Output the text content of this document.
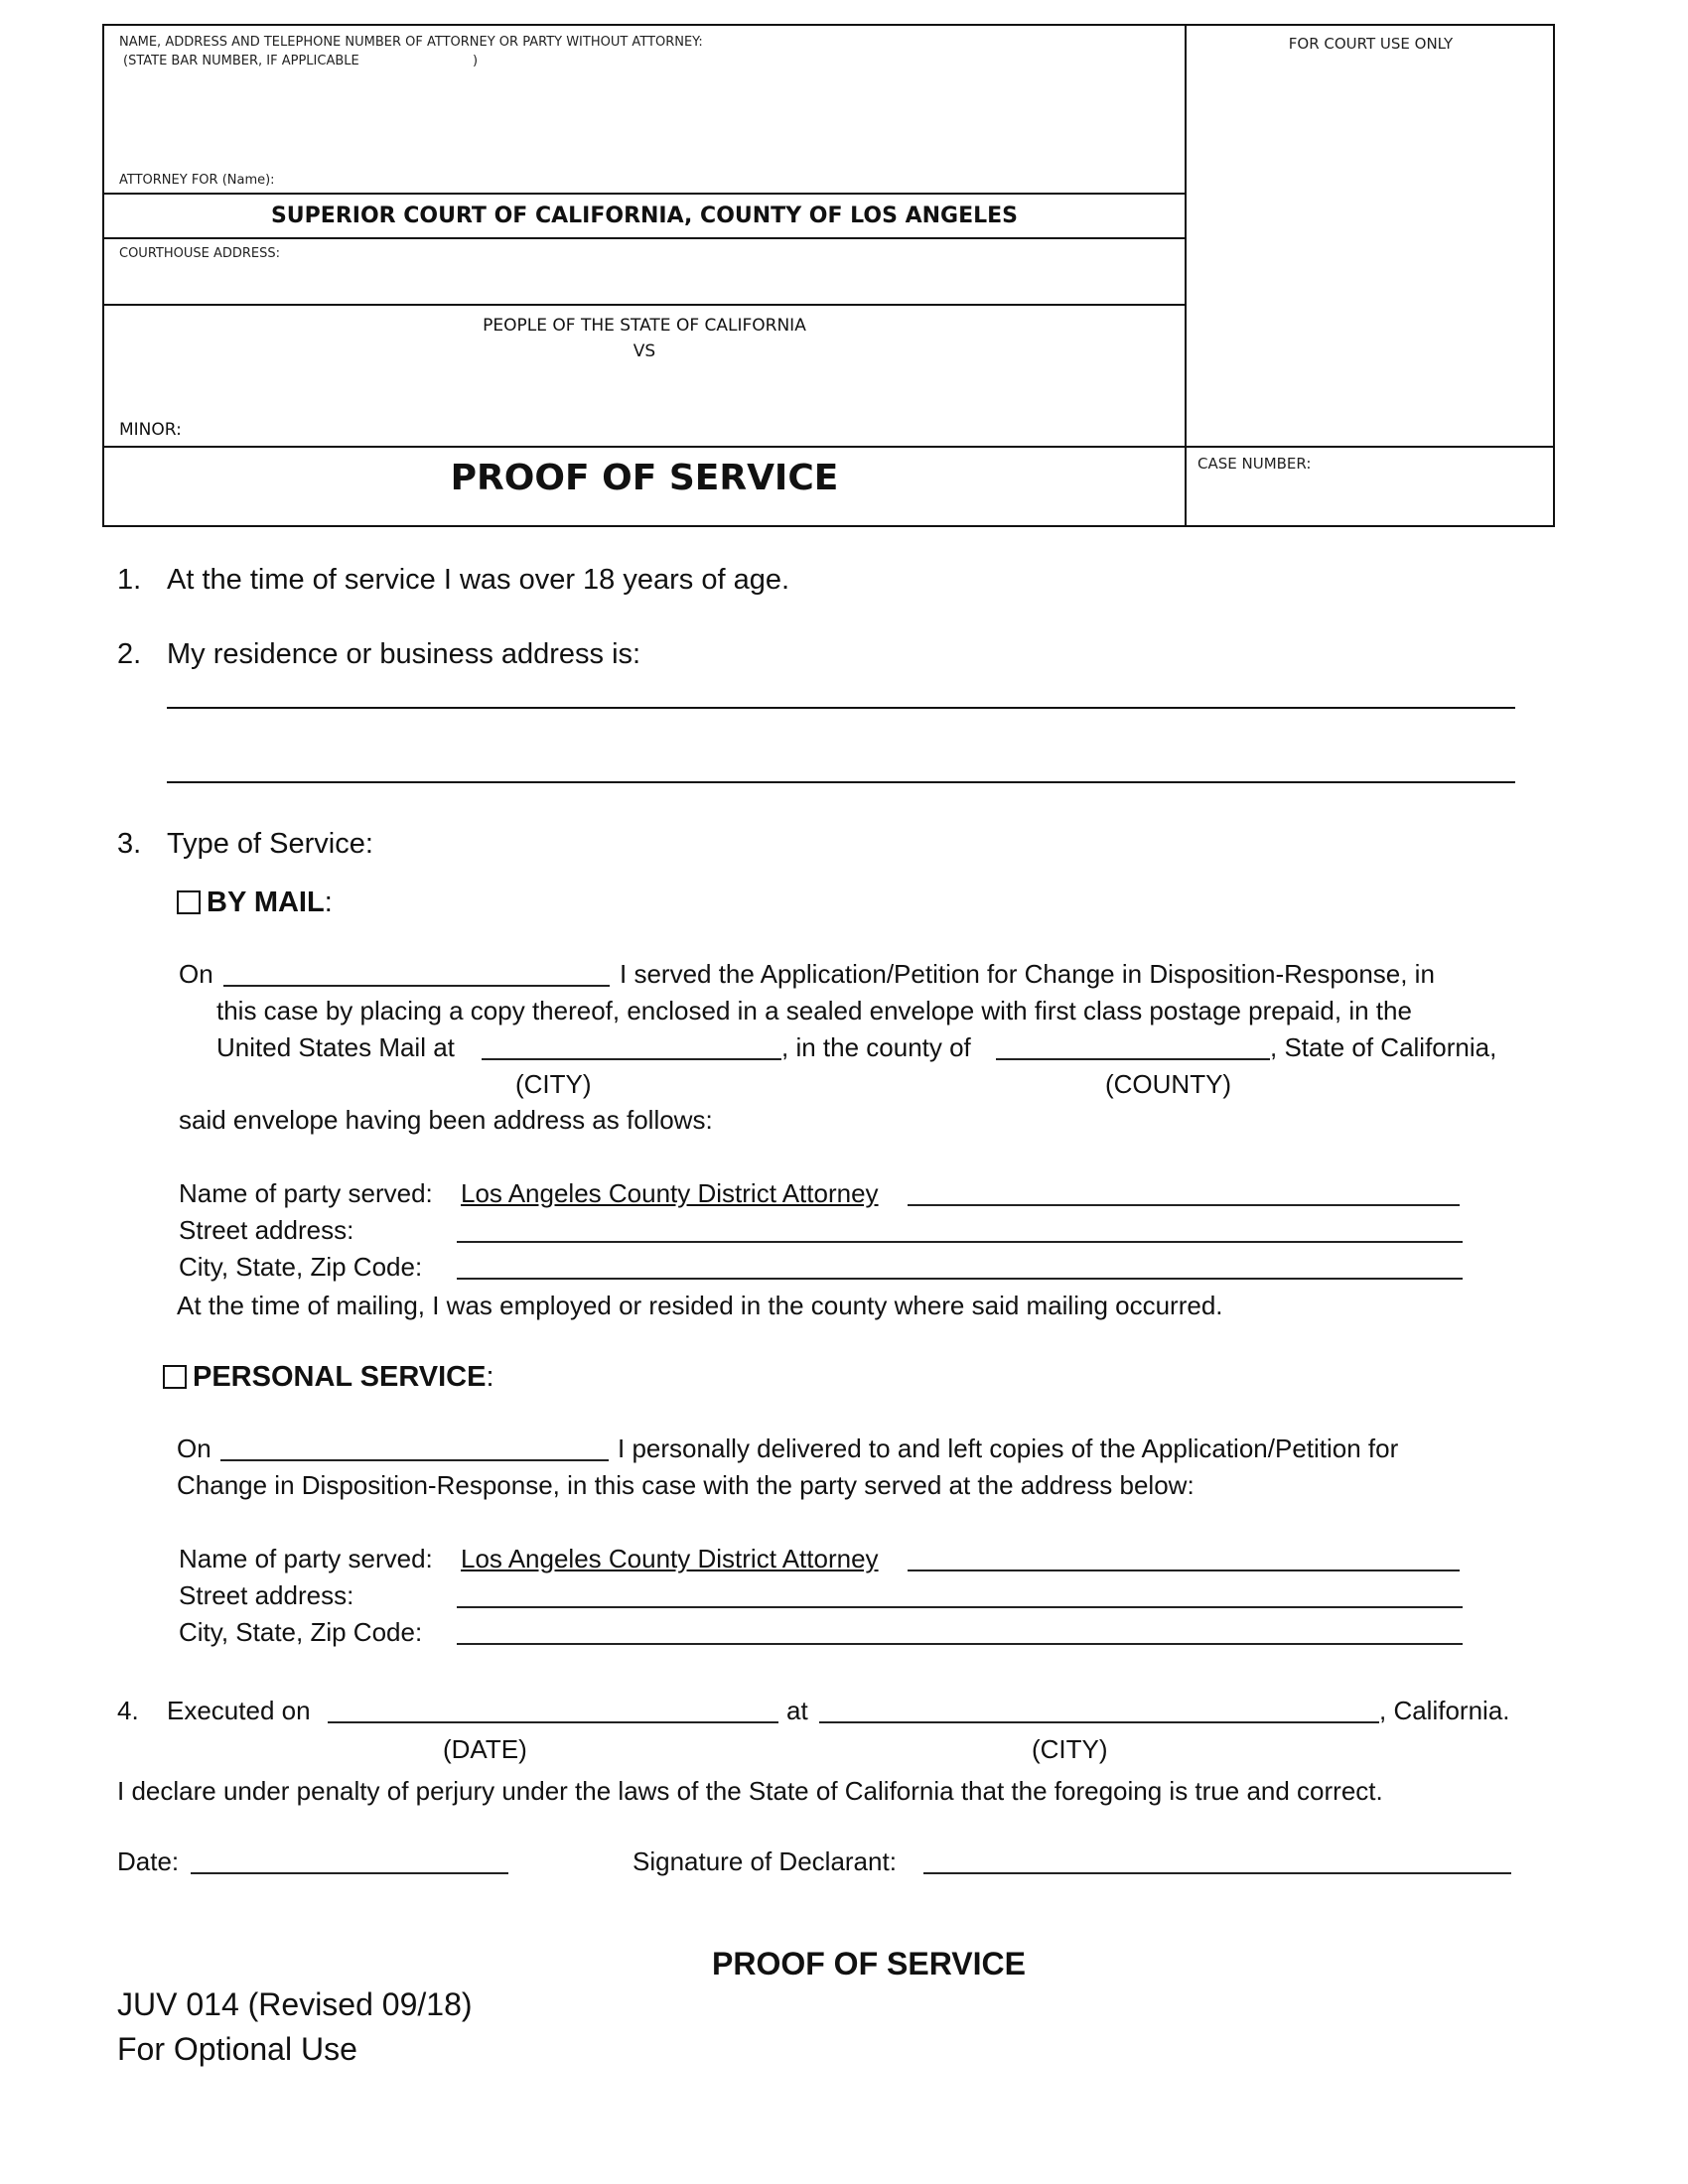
NAME, ADDRESS AND TELEPHONE NUMBER OF ATTORNEY OR PARTY WITHOUT ATTORNEY:
(STATE BAR NUMBER, IF APPLICABLE	)
ATTORNEY FOR (Name):
SUPERIOR COURT OF CALIFORNIA, COUNTY OF LOS ANGELES
COURTHOUSE ADDRESS:
PEOPLE OF THE STATE OF CALIFORNIA
VS
MINOR:
PROOF OF SERVICE
FOR COURT USE ONLY
CASE NUMBER:
1. At the time of service I was over 18 years of age.
2. My residence or business address is:
3. Type of Service:
BY MAIL:
On	I served the Application/Petition for Change in Disposition-Response, in
this case by placing a copy thereof, enclosed in a sealed envelope with first class postage prepaid, in the
United States Mail at	, in the county of	, State of California,
(CITY)	(COUNTY)
said envelope having been address as follows:
Name of party served: Los Angeles County District Attorney
Street address:
City, State, Zip Code:
At the time of mailing, I was employed or resided in the county where said mailing occurred.
PERSONAL SERVICE:
On	I personally delivered to and left copies of the Application/Petition for
Change in Disposition-Response, in this case with the party served at the address below:
Name of party served: Los Angeles County District Attorney
Street address:
City, State, Zip Code:
4. Executed on	at	, California.
(DATE)	(CITY)
I declare under penalty of perjury under the laws of the State of California that the foregoing is true and correct.
Date:	Signature of Declarant:
PROOF OF SERVICE
JUV 014 (Revised 09/18)
For Optional Use
